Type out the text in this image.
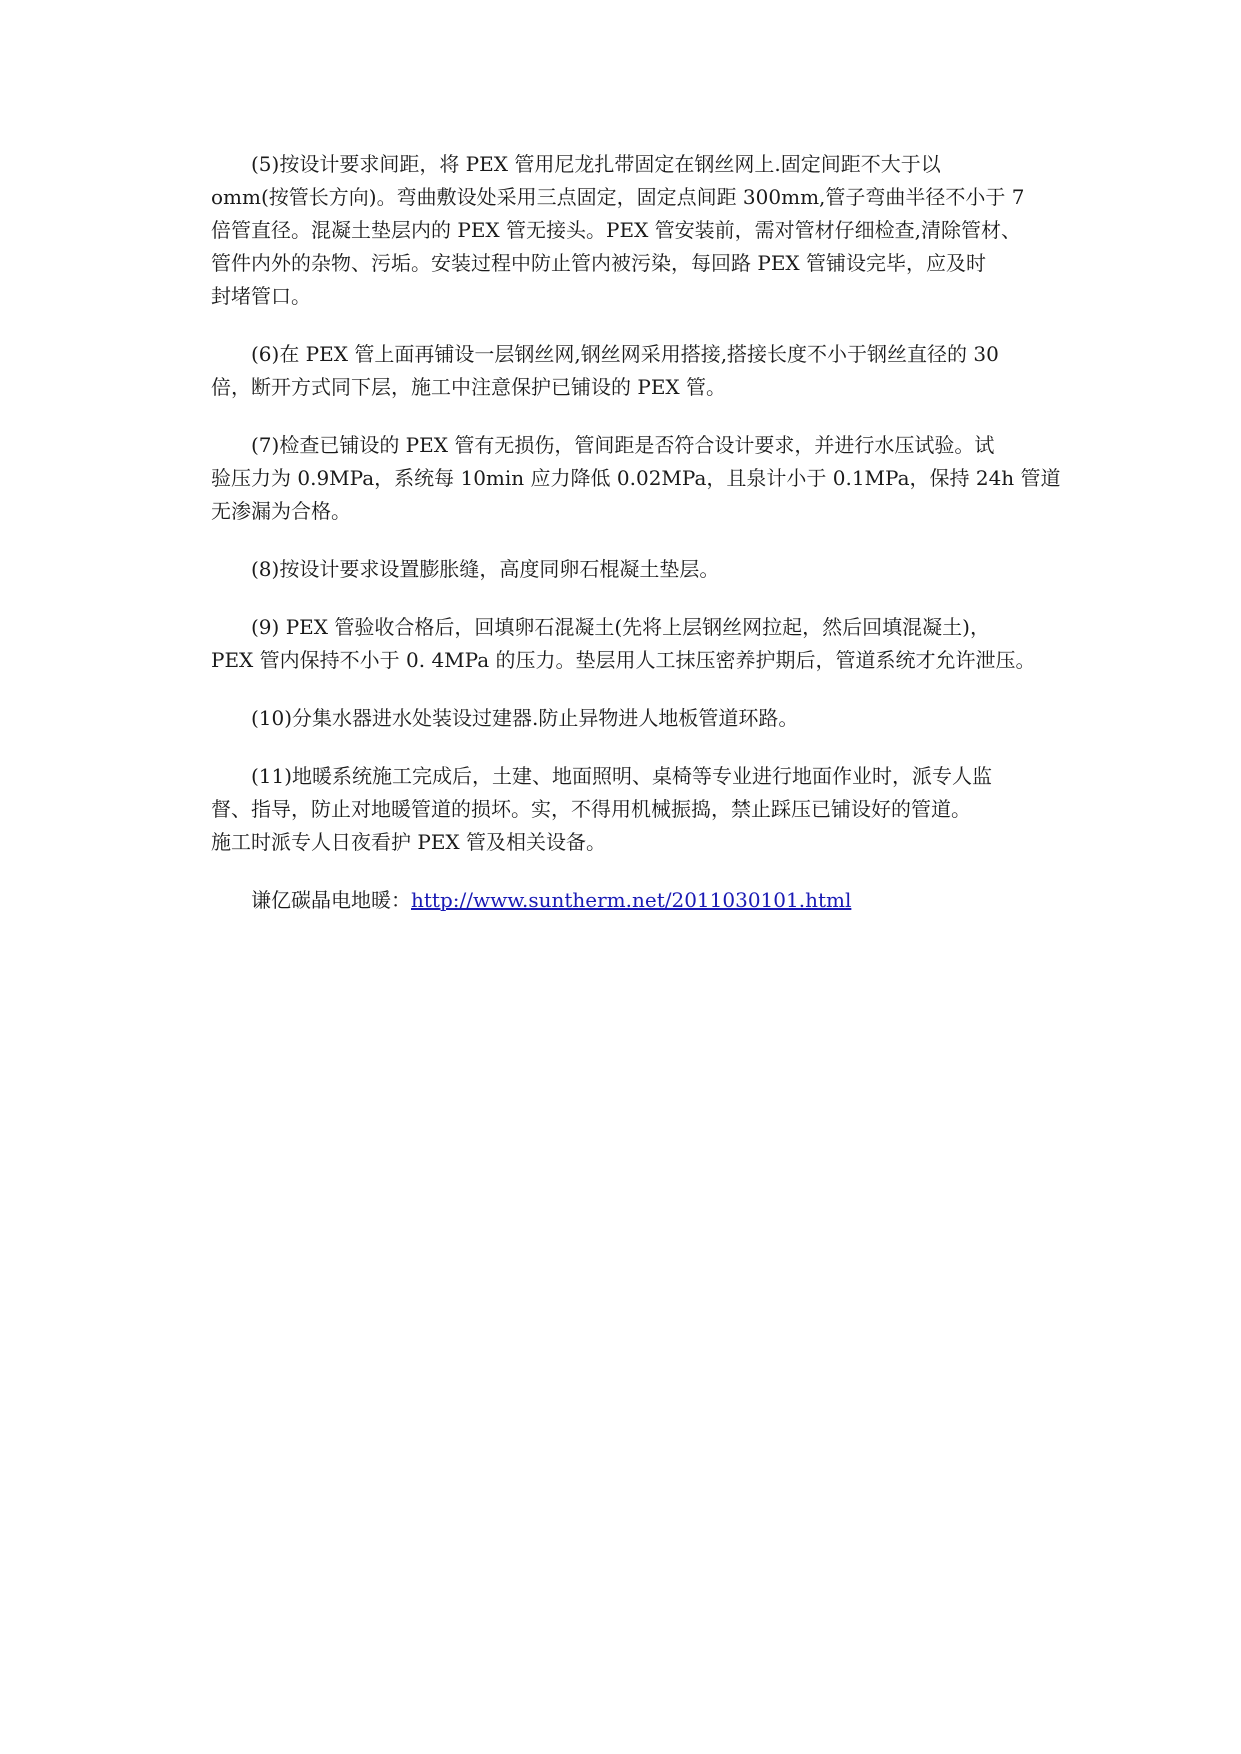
(5)按设计要求间距，将 PEX 管用尼龙扎带固定在钢丝网上.固定间距不大于以
omm(按管长方向)。弯曲敷设处采用三点固定，固定点间距 300mm,管子弯曲半径不小于 7
倍管直径。混凝土垫层内的 PEX 管无接头。PEX 管安装前，需对管材仔细检查,清除管材、
管件内外的杂物、污垢。安装过程中防止管内被污染，每回路 PEX 管铺设完毕，应及时
封堵管口。
(6)在 PEX 管上面再铺设一层钢丝网,钢丝网采用搭接,搭接长度不小于钢丝直径的 30
倍，断开方式同下层，施工中注意保护已铺设的 PEX 管。
(7)检查已铺设的 PEX 管有无损伤，管间距是否符合设计要求，并进行水压试验。试
验压力为 0.9MPa，系统每 10min 应力降低 0.02MPa，且泉计小于 0.1MPa，保持 24h 管道
无渗漏为合格。
(8)按设计要求设置膨胀缝，高度同卵石棍凝土垫层。
(9) PEX 管验收合格后，回填卵石混凝土(先将上层钢丝网拉起，然后回填混凝土)，
PEX 管内保持不小于 0. 4MPa 的压力。垫层用人工抹压密养护期后，管道系统才允许泄压。
(10)分集水器进水处装设过建器.防止异物进人地板管道环路。
(11)地暖系统施工完成后，土建、地面照明、桌椅等专业进行地面作业时，派专人监
督、指导，防止对地暖管道的损坏。实，不得用机械振捣，禁止踩压已铺设好的管道。
施工时派专人日夜看护 PEX 管及相关设备。
谦亿碳晶电地暖：http://www.suntherm.net/2011030101.html
